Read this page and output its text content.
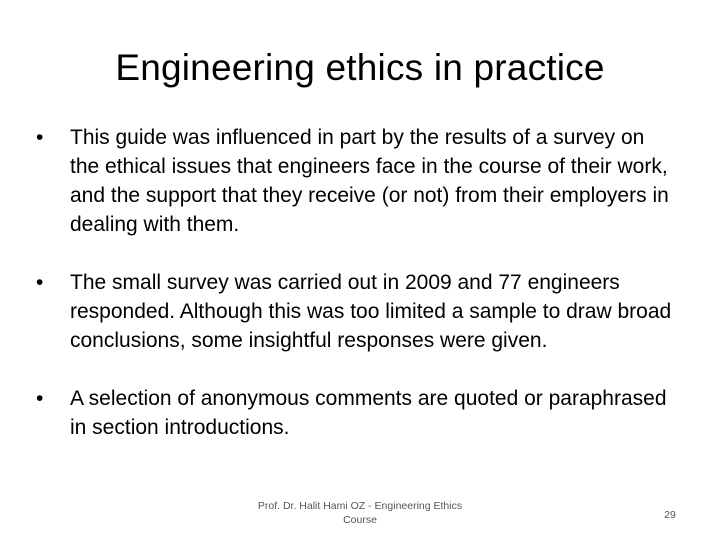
Engineering ethics in practice
•	This guide was influenced in part by the results of a survey on the ethical issues that engineers face in the course of their work, and the support that they receive (or not) from their employers in dealing with them.
•	The small survey was carried out in 2009 and 77 engineers responded. Although this was too limited a sample to draw broad conclusions, some insightful responses were given.
•	A selection of anonymous comments are quoted or paraphrased in section introductions.
Prof. Dr. Halit Hami OZ - Engineering Ethics Course	29
